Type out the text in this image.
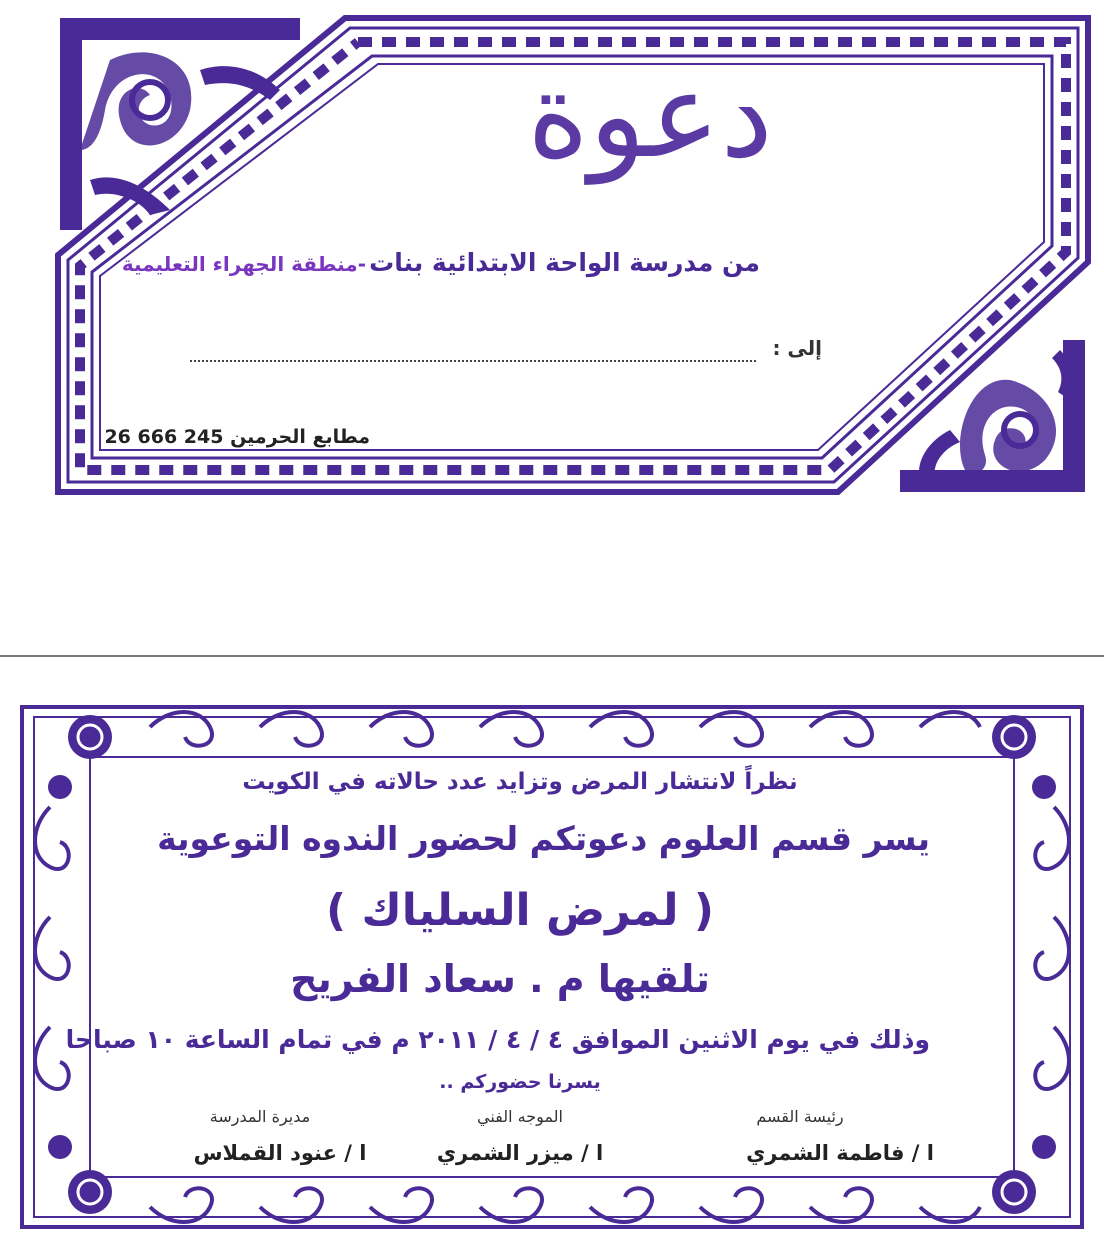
دعوة
من مدرسة الواحة الابتدائية بنات
-منطقة الجهراء التعليمية
إلى :
مطابع الحرمين 26 666 245
نظراً لانتشار المرض وتزايد عدد حالاته في الكويت
يسر قسم العلوم دعوتكم لحضور الندوه التوعوية
( لمرض السلياك )
تلقيها م . سعاد الفريح
وذلك في يوم الاثنين الموافق ٤ / ٤ / ٢٠١١ م في تمام الساعة ١٠ صباحا
يسرنا حضوركم ..
رئيسة القسم
ا / فاطمة الشمري
الموجه الفني
ا / ميزر الشمري
مديرة المدرسة
ا / عنود القملاس
